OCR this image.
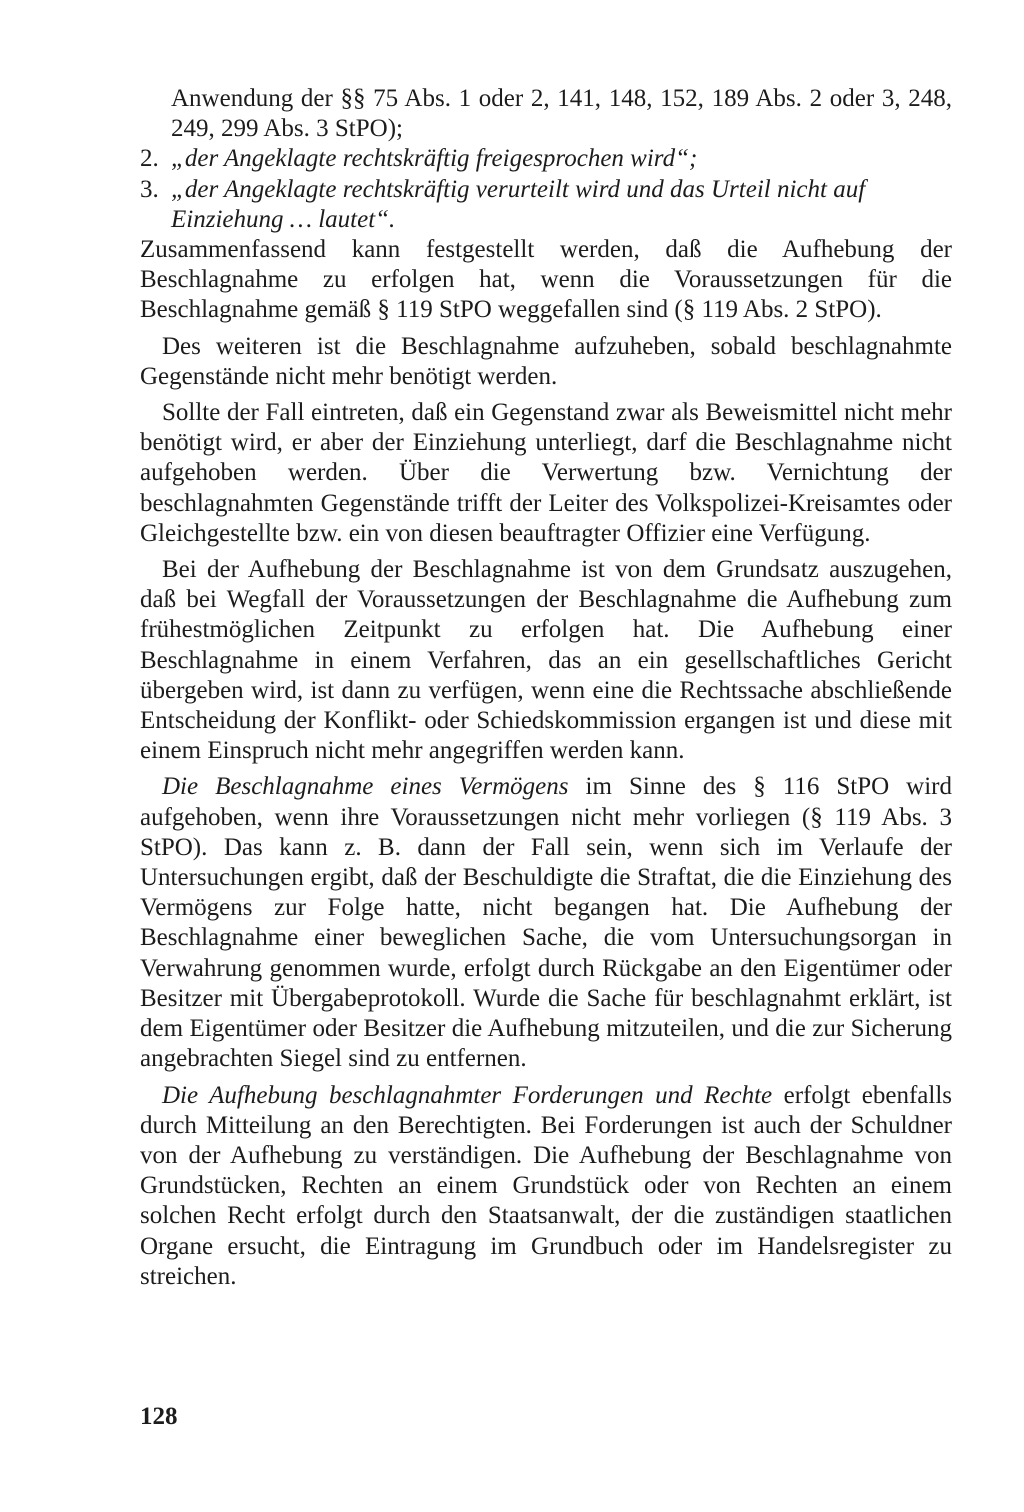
Anwendung der §§ 75 Abs. 1 oder 2, 141, 148, 152, 189 Abs. 2 oder 3, 248, 249, 299 Abs. 3 StPO);

2. „der Angeklagte rechtskräftig freigesprochen wird“;
3. „der Angeklagte rechtskräftig verurteilt wird und das Urteil nicht auf Einziehung … lautet“.

Zusammenfassend kann festgestellt werden, daß die Aufhebung der Beschlagnahme zu erfolgen hat, wenn die Voraussetzungen für die Beschlagnahme gemäß § 119 StPO weggefallen sind (§ 119 Abs. 2 StPO).

Des weiteren ist die Beschlagnahme aufzuheben, sobald beschlagnahmte Gegenstände nicht mehr benötigt werden.

Sollte der Fall eintreten, daß ein Gegenstand zwar als Beweismittel nicht mehr benötigt wird, er aber der Einziehung unterliegt, darf die Beschlagnahme nicht aufgehoben werden. Über die Verwertung bzw. Vernichtung der beschlagnahmten Gegenstände trifft der Leiter des Volkspolizei-Kreisamtes oder Gleichgestellte bzw. ein von diesen beauftragter Offizier eine Verfügung.

Bei der Aufhebung der Beschlagnahme ist von dem Grundsatz auszugehen, daß bei Wegfall der Voraussetzungen der Beschlagnahme die Aufhebung zum frühestmöglichen Zeitpunkt zu erfolgen hat. Die Aufhebung einer Beschlagnahme in einem Verfahren, das an ein gesellschaftliches Gericht übergeben wird, ist dann zu verfügen, wenn eine die Rechtssache abschließende Entscheidung der Konflikt- oder Schiedskommission ergangen ist und diese mit einem Einspruch nicht mehr angegriffen werden kann.

Die Beschlagnahme eines Vermögens im Sinne des § 116 StPO wird aufgehoben, wenn ihre Voraussetzungen nicht mehr vorliegen (§ 119 Abs. 3 StPO). Das kann z. B. dann der Fall sein, wenn sich im Verlaufe der Untersuchungen ergibt, daß der Beschuldigte die Straftat, die die Einziehung des Vermögens zur Folge hatte, nicht begangen hat. Die Aufhebung der Beschlagnahme einer beweglichen Sache, die vom Untersuchungsorgan in Verwahrung genommen wurde, erfolgt durch Rückgabe an den Eigentümer oder Besitzer mit Übergabeprotokoll. Wurde die Sache für beschlagnahmt erklärt, ist dem Eigentümer oder Besitzer die Aufhebung mitzuteilen, und die zur Sicherung angebrachten Siegel sind zu entfernen.

Die Aufhebung beschlagnahmter Forderungen und Rechte erfolgt ebenfalls durch Mitteilung an den Berechtigten. Bei Forderungen ist auch der Schuldner von der Aufhebung zu verständigen. Die Aufhebung der Beschlagnahme von Grundstücken, Rechten an einem Grundstück oder von Rechten an einem solchen Recht erfolgt durch den Staatsanwalt, der die zuständigen staatlichen Organe ersucht, die Eintragung im Grundbuch oder im Handelsregister zu streichen.

128
